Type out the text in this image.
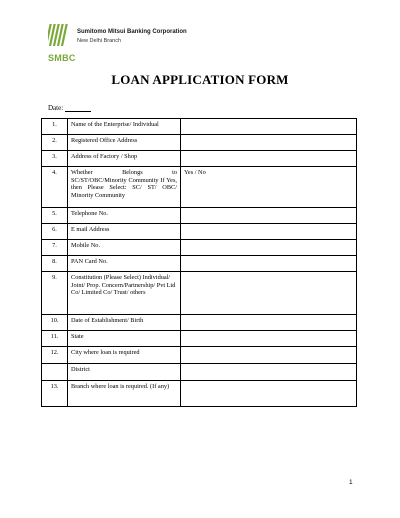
Sumitomo Mitsui Banking Corporation
New Delhi Branch
SMBC
LOAN APPLICATION FORM
Date:
1.	Name of the Enterprise/ Individual	
2.	Registered Office Address	
3.	Address of Factory / Shop	
4.	Whether Belongs to SC/ST/OBC/Minority Community If Yes, then Please Select: SC/ ST/ OBC/ Minority Community	Yes / No
5.	Telephone No.	
6.	E mail Address	
7.	Mobile No.	
8.	PAN Card No.	
9.	Constitution (Please Select) Individual/ Joint/ Prop. Concern/Partnership/ Pvt Ltd Co/ Limited Co/ Trust/ others	
10.	Date of Establishment/ Birth	
11.	State	
12.	City where loan is required	
	District	
13.	Branch where loan is required. (If any)	
1
